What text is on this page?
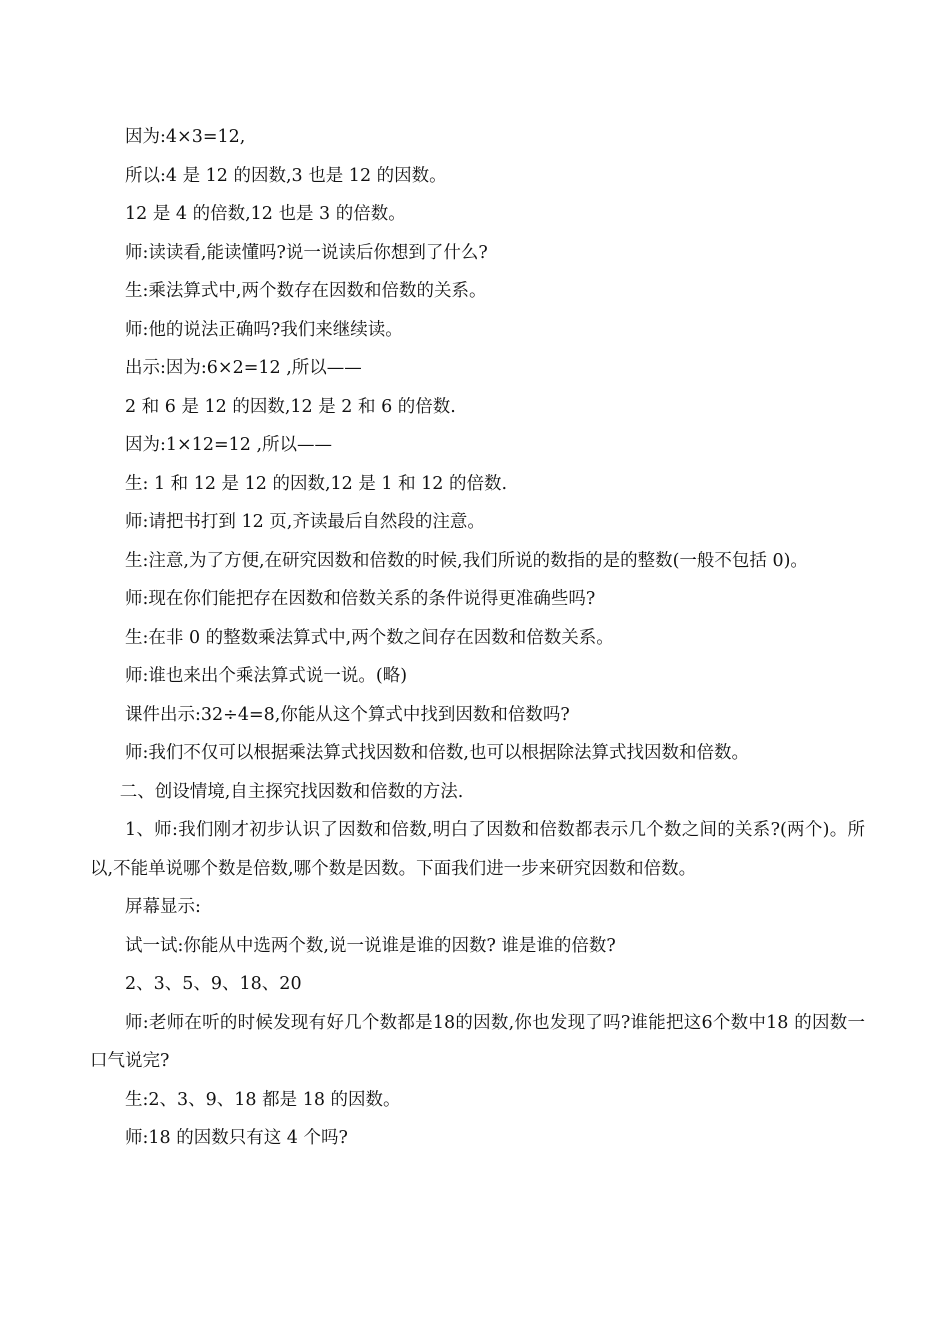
因为:4×3=12,

所以:4 是 12 的因数,3 也是 12 的因数。

12 是 4 的倍数,12 也是 3 的倍数。

师:读读看,能读懂吗?说一说读后你想到了什么?

生:乘法算式中,两个数存在因数和倍数的关系。

师:他的说法正确吗?我们来继续读。

出示:因为:6×2=12 ,所以——

2 和 6 是 12 的因数,12 是 2 和 6 的倍数.

因为:1×12=12 ,所以——

生: 1 和 12 是 12 的因数,12 是 1 和 12 的倍数.

师:请把书打到 12 页,齐读最后自然段的注意。

生:注意,为了方便,在研究因数和倍数的时候,我们所说的数指的是的整数(一般不包括 0)。

师:现在你们能把存在因数和倍数关系的条件说得更准确些吗?

生:在非 0 的整数乘法算式中,两个数之间存在因数和倍数关系。

师:谁也来出个乘法算式说一说。(略)

课件出示:32÷4=8,你能从这个算式中找到因数和倍数吗?

师:我们不仅可以根据乘法算式找因数和倍数,也可以根据除法算式找因数和倍数。

二、创设情境,自主探究找因数和倍数的方法.

1、师:我们刚才初步认识了因数和倍数,明白了因数和倍数都表示几个数之间的关系?(两个)。所以,不能单说哪个数是倍数,哪个数是因数。下面我们进一步来研究因数和倍数。

屏幕显示:

试一试:你能从中选两个数,说一说谁是谁的因数? 谁是谁的倍数?

2、3、5、9、18、20

师:老师在听的时候发现有好几个数都是18的因数,你也发现了吗?谁能把这6个数中18 的因数一口气说完?

生:2、3、9、18 都是 18 的因数。

师:18 的因数只有这 4 个吗?
